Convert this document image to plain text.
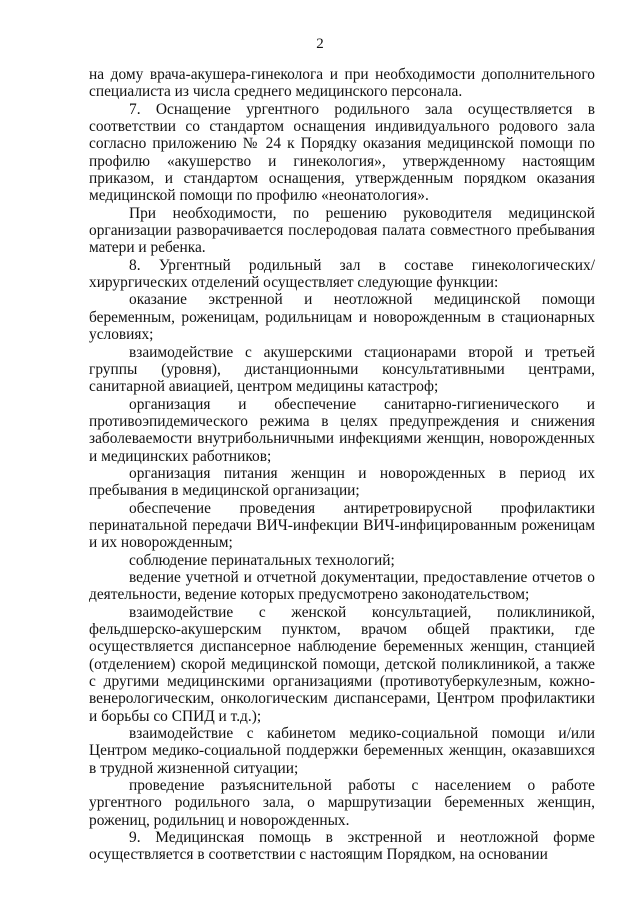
2

на дому врача-акушера-гинеколога и при необходимости дополнительного специалиста из числа среднего медицинского персонала.

7. Оснащение ургентного родильного зала осуществляется в соответствии со стандартом оснащения индивидуального родового зала согласно приложению № 24 к Порядку оказания медицинской помощи по профилю «акушерство и гинекология», утвержденному настоящим приказом, и стандартом оснащения, утвержденным порядком оказания медицинской помощи по профилю «неонатология».

При необходимости, по решению руководителя медицинской организации разворачивается послеродовая палата совместного пребывания матери и ребенка.

8. Ургентный родильный зал в составе гинекологических/ хирургических отделений осуществляет следующие функции:

оказание экстренной и неотложной медицинской помощи беременным, роженицам, родильницам и новорожденным в стационарных условиях;

взаимодействие с акушерскими стационарами второй и третьей группы (уровня), дистанционными консультативными центрами, санитарной авиацией, центром медицины катастроф;

организация и обеспечение санитарно-гигиенического и противоэпидемического режима в целях предупреждения и снижения заболеваемости внутрибольничными инфекциями женщин, новорожденных и медицинских работников;

организация питания женщин и новорожденных в период их пребывания в медицинской организации;

обеспечение проведения антиретровирусной профилактики перинатальной передачи ВИЧ-инфекции ВИЧ-инфицированным роженицам и их новорожденным;

соблюдение перинатальных технологий;

ведение учетной и отчетной документации, предоставление отчетов о деятельности, ведение которых предусмотрено законодательством;

взаимодействие с женской консультацией, поликлиникой, фельдшерско-акушерским пунктом, врачом общей практики, где осуществляется диспансерное наблюдение беременных женщин, станцией (отделением) скорой медицинской помощи, детской поликлиникой, а также с другими медицинскими организациями (противотуберкулезным, кожно-венерологическим, онкологическим диспансерами, Центром профилактики и борьбы со СПИД и т.д.);

взаимодействие с кабинетом медико-социальной помощи и/или Центром медико-социальной поддержки беременных женщин, оказавшихся в трудной жизненной ситуации;

проведение разъяснительной работы с населением о работе ургентного родильного зала, о маршрутизации беременных женщин, рожениц, родильниц и новорожденных.

9. Медицинская помощь в экстренной и неотложной форме осуществляется в соответствии с настоящим Порядком, на основании
